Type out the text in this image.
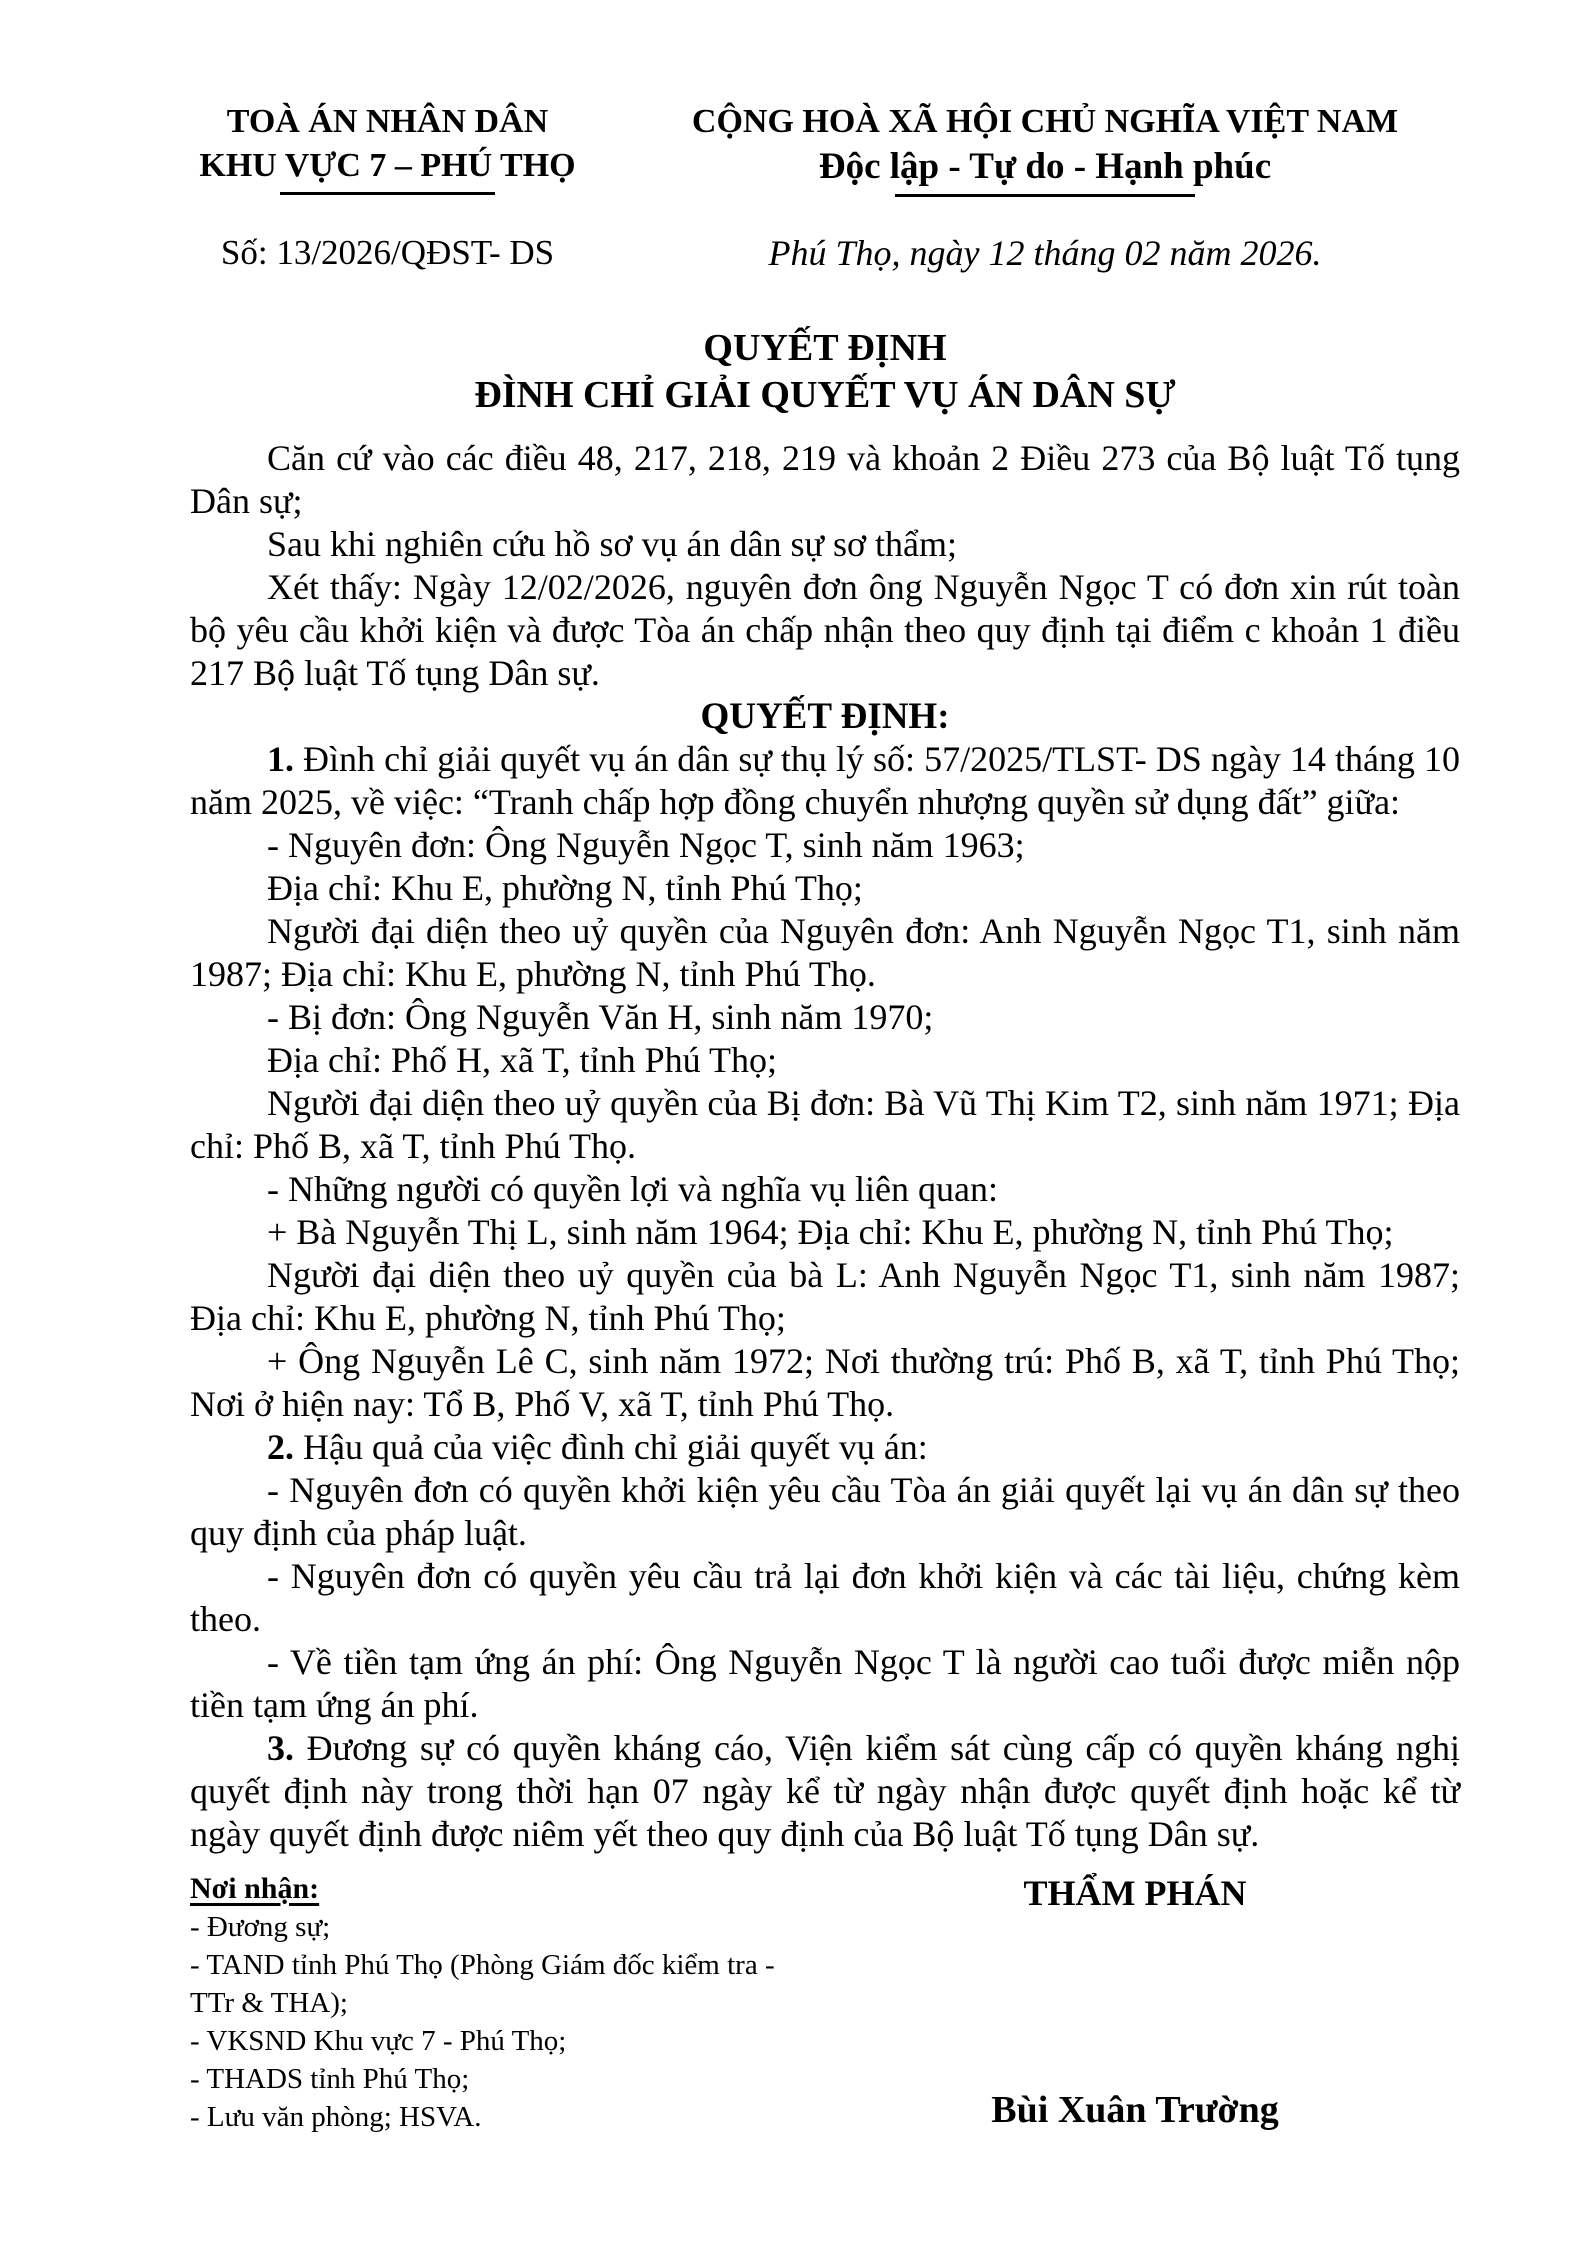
TOÀ ÁN NHÂN DÂN
KHU VỰC 7 – PHÚ THỌ
Số: 13/2026/QĐST- DS
CỘNG HOÀ XÃ HỘI CHỦ NGHĨA VIỆT NAM
Độc lập - Tự do - Hạnh phúc
Phú Thọ, ngày 12 tháng 02 năm 2026.
QUYẾT ĐỊNH
ĐÌNH CHỈ GIẢI QUYẾT VỤ ÁN DÂN SỰ

Căn cứ vào các điều 48, 217, 218, 219 và khoản 2 Điều 273 của Bộ luật Tố tụng Dân sự;

Sau khi nghiên cứu hồ sơ vụ án dân sự sơ thẩm;

Xét thấy: Ngày 12/02/2026, nguyên đơn ông Nguyễn Ngọc T có đơn xin rút toàn bộ yêu cầu khởi kiện và được Tòa án chấp nhận theo quy định tại điểm c khoản 1 điều 217 Bộ luật Tố tụng Dân sự.

QUYẾT ĐỊNH:

1. Đình chỉ giải quyết vụ án dân sự thụ lý số: 57/2025/TLST- DS ngày 14 tháng 10 năm 2025, về việc: “Tranh chấp hợp đồng chuyển nhượng quyền sử dụng đất” giữa:

- Nguyên đơn: Ông Nguyễn Ngọc T, sinh năm 1963;

Địa chỉ: Khu E, phường N, tỉnh Phú Thọ;

Người đại diện theo uỷ quyền của Nguyên đơn: Anh Nguyễn Ngọc T1, sinh năm 1987; Địa chỉ: Khu E, phường N, tỉnh Phú Thọ.

- Bị đơn: Ông Nguyễn Văn H, sinh năm 1970;

Địa chỉ: Phố H, xã T, tỉnh Phú Thọ;

Người đại diện theo uỷ quyền của Bị đơn: Bà Vũ Thị Kim T2, sinh năm 1971; Địa chỉ: Phố B, xã T, tỉnh Phú Thọ.

- Những người có quyền lợi và nghĩa vụ liên quan:

+ Bà Nguyễn Thị L, sinh năm 1964; Địa chỉ: Khu E, phường N, tỉnh Phú Thọ;

Người đại diện theo uỷ quyền của bà L: Anh Nguyễn Ngọc T1, sinh năm 1987; Địa chỉ: Khu E, phường N, tỉnh Phú Thọ;

+ Ông Nguyễn Lê C, sinh năm 1972; Nơi thường trú: Phố B, xã T, tỉnh Phú Thọ; Nơi ở hiện nay: Tổ B, Phố V, xã T, tỉnh Phú Thọ.

2. Hậu quả của việc đình chỉ giải quyết vụ án:

- Nguyên đơn có quyền khởi kiện yêu cầu Tòa án giải quyết lại vụ án dân sự theo quy định của pháp luật.

- Nguyên đơn có quyền yêu cầu trả lại đơn khởi kiện và các tài liệu, chứng kèm theo.

- Về tiền tạm ứng án phí: Ông Nguyễn Ngọc T là người cao tuổi được miễn nộp tiền tạm ứng án phí.

3. Đương sự có quyền kháng cáo, Viện kiểm sát cùng cấp có quyền kháng nghị quyết định này trong thời hạn 07 ngày kể từ ngày nhận được quyết định hoặc kể từ ngày quyết định được niêm yết theo quy định của Bộ luật Tố tụng Dân sự.

Nơi nhận:
- Đương sự;
- TAND tỉnh Phú Thọ (Phòng Giám đốc kiểm tra -
TTr & THA);
- VKSND Khu vực 7 - Phú Thọ;
- THADS tỉnh Phú Thọ;
- Lưu văn phòng; HSVA.
THẨM PHÁN
Bùi Xuân Trường
